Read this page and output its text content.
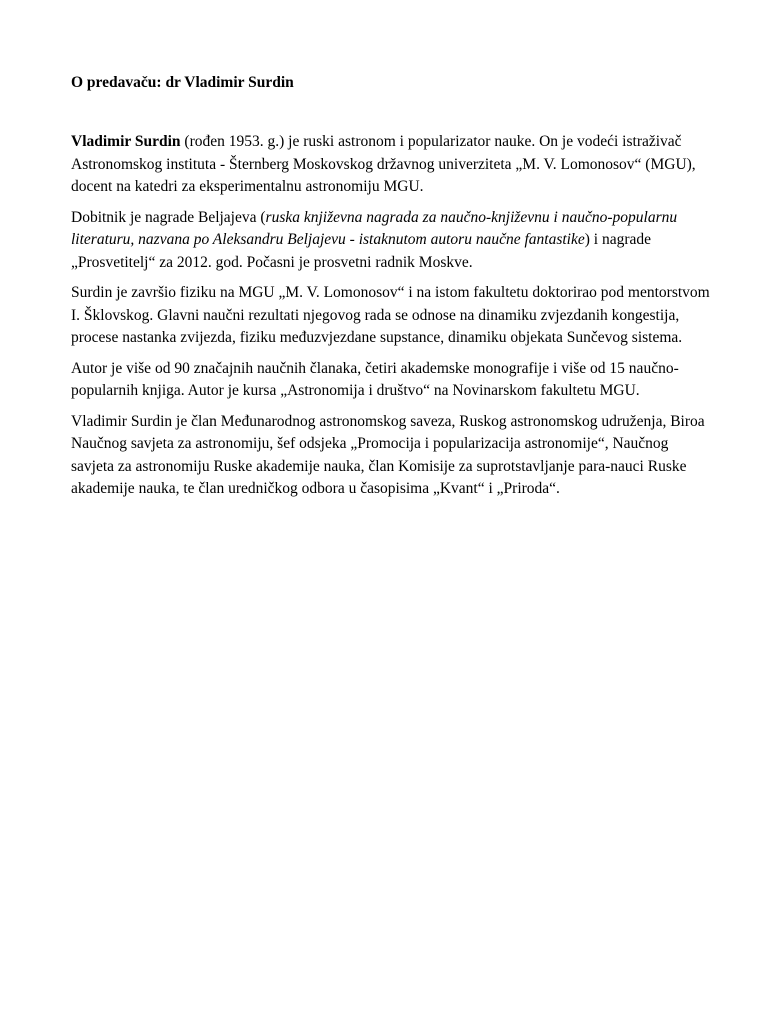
O predavaču: dr Vladimir Surdin

Vladimir Surdin (rođen 1953. g.) je ruski astronom i popularizator nauke. On je vodeći istraživač Astronomskog instituta - Šternberg Moskovskog državnog univerziteta „M. V. Lomonosov“ (MGU), docent na katedri za eksperimentalnu astronomiju MGU.

Dobitnik je nagrade Beljajeva (ruska književna nagrada za naučno-književnu i naučno-popularnu literaturu, nazvana po Aleksandru Beljajevu - istaknutom autoru naučne fantastike) i nagrade „Prosvetitelj“ za 2012. god. Počasni je prosvetni radnik Moskve.

Surdin je završio fiziku na MGU „M. V. Lomonosov“ i na istom fakultetu doktorirao pod mentorstvom I. Šklovskog. Glavni naučni rezultati njegovog rada se odnose na dinamiku zvjezdanih kongestija, procese nastanka zvijezda, fiziku međuzvjezdane supstance, dinamiku objekata Sunčevog sistema.

Autor je više od 90 značajnih naučnih članaka, četiri akademske monografije i više od 15 naučno-popularnih knjiga. Autor je kursa „Astronomija i društvo“ na Novinarskom fakultetu MGU.

Vladimir Surdin je član Međunarodnog astronomskog saveza, Ruskog astronomskog udruženja, Biroa Naučnog savjeta za astronomiju, šef odsjeka „Promocija i popularizacija astronomije“, Naučnog savjeta za astronomiju Ruske akademije nauka, član Komisije za suprotstavljanje para-nauci Ruske akademije nauka, te član uredničkog odbora u časopisima „Kvant“ i „Priroda“.
